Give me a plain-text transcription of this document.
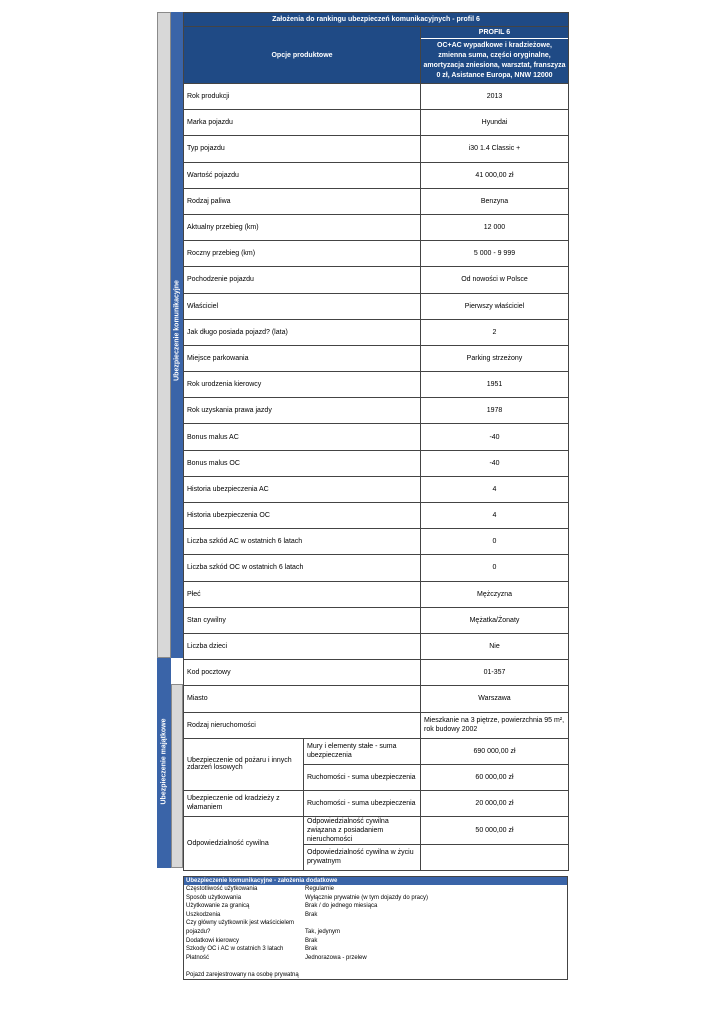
Ubezpieczenie komunikacyjne
Ubezpieczenie majątkowe
Założenia do rankingu ubezpieczeń komunikacyjnych - profil 6		
Opcje produktowe		PROFIL 6
OC+AC wypadkowe i kradzieżowe, zmienna suma, części oryginalne, amortyzacja zniesiona, warsztat, franszyza 0 zł, Asistance Europa, NNW 12000

Rok produkcji		2013
Marka pojazdu		Hyundai
Typ pojazdu		i30 1.4 Classic +
Wartość pojazdu		41 000,00 zł
Rodzaj paliwa		Benzyna
Aktualny przebieg (km)		12 000
Roczny przebieg (km)		5 000 - 9 999
Pochodzenie pojazdu		Od nowości w Polsce
Właściciel		Pierwszy właściciel
Jak długo posiada pojazd? (lata)		2
Miejsce parkowania		Parking strzeżony
Rok urodzenia kierowcy		1951
Rok uzyskania prawa jazdy		1978
Bonus malus AC		-40
Bonus malus OC		-40
Historia ubezpieczenia AC		4
Historia ubezpieczenia OC		4
Liczba szkód AC w ostatnich 6 latach		0
Liczba szkód OC w ostatnich 6 latach		0
Płeć		Mężczyzna
Stan cywilny		Mężatka/Żonaty
Liczba dzieci		Nie
Kod pocztowy		01-357
Miasto		Warszawa
Rodzaj nieruchomości		Mieszkanie na 3 piętrze, powierzchnia 95 m², rok budowy 2002
Ubezpieczenie od pożaru i innych zdarzeń losowych	Mury i elementy stałe - suma ubezpieczenia	690 000,00 zł
	Ruchomości - suma ubezpieczenia	60 000,00 zł
Ubezpieczenie od kradzieży z włamaniem	Ruchomości - suma ubezpieczenia	20 000,00 zł
Odpowiedzialność cywilna	Odpowiedzialność cywilna związana z posiadaniem nieruchomości	50 000,00 zł
	Odpowiedzialność cywilna w życiu prywatnym	
Ubezpieczenie komunikacyjne - założenia dodatkowe
Częstotliwość użytkowania	Regularnie
Sposób użytkowania	Wyłącznie prywatnie (w tym dojazdy do pracy)
Użytkowanie za granicą	Brak / do jednego miesiąca
Uszkodzenia	Brak
Czy główny użytkownik jest właścicielem
pojazdu?	Tak, jedynym
Dodatkowi kierowcy	Brak
Szkody OC i AC w ostatnich 3 latach	Brak
Płatność	Jednorazowa - przelew
Pojazd zarejestrowany na osobę prywatną
